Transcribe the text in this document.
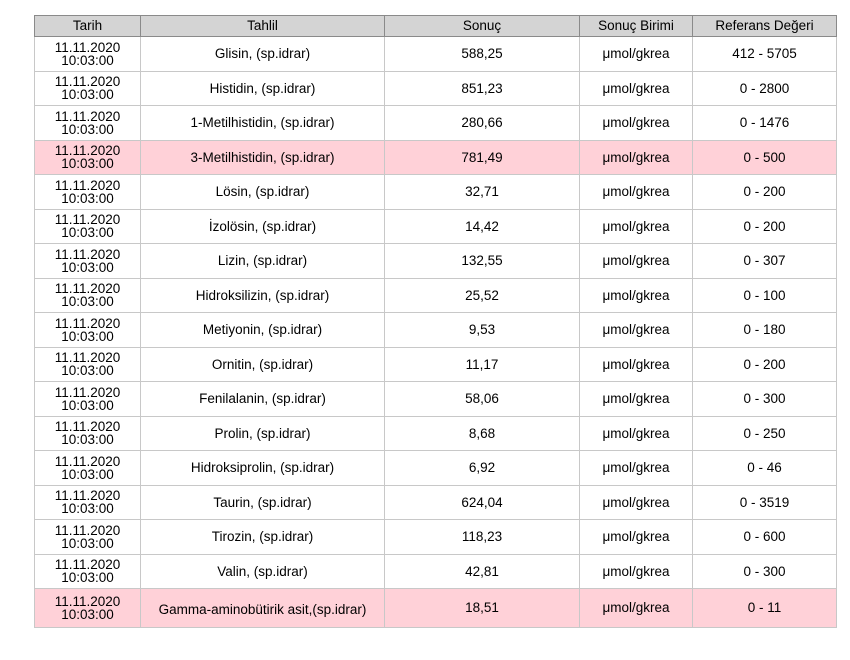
Tarih	Tahlil	Sonuç	Sonuç Birimi	Referans Değeri

11.11.2020
10:03:00	Glisin, (sp.idrar)	588,25	μmol/gkrea	412 - 5705

11.11.2020
10:03:00	Histidin, (sp.idrar)	851,23	μmol/gkrea	0 - 2800

11.11.2020
10:03:00	1-Metilhistidin, (sp.idrar)	280,66	μmol/gkrea	0 - 1476

11.11.2020
10:03:00	3-Metilhistidin, (sp.idrar)	781,49	μmol/gkrea	0 - 500

11.11.2020
10:03:00	Lösin, (sp.idrar)	32,71	μmol/gkrea	0 - 200

11.11.2020
10:03:00	İzolösin, (sp.idrar)	14,42	μmol/gkrea	0 - 200

11.11.2020
10:03:00	Lizin, (sp.idrar)	132,55	μmol/gkrea	0 - 307

11.11.2020
10:03:00	Hidroksilizin, (sp.idrar)	25,52	μmol/gkrea	0 - 100

11.11.2020
10:03:00	Metiyonin, (sp.idrar)	9,53	μmol/gkrea	0 - 180

11.11.2020
10:03:00	Ornitin, (sp.idrar)	11,17	μmol/gkrea	0 - 200

11.11.2020
10:03:00	Fenilalanin, (sp.idrar)	58,06	μmol/gkrea	0 - 300

11.11.2020
10:03:00	Prolin, (sp.idrar)	8,68	μmol/gkrea	0 - 250

11.11.2020
10:03:00	Hidroksiprolin, (sp.idrar)	6,92	μmol/gkrea	0 - 46

11.11.2020
10:03:00	Taurin, (sp.idrar)	624,04	μmol/gkrea	0 - 3519

11.11.2020
10:03:00	Tirozin, (sp.idrar)	118,23	μmol/gkrea	0 - 600

11.11.2020
10:03:00	Valin, (sp.idrar)	42,81	μmol/gkrea	0 - 300

11.11.2020
10:03:00	Gamma-aminobütirik asit,(sp.idrar)	18,51	μmol/gkrea	0 - 11
